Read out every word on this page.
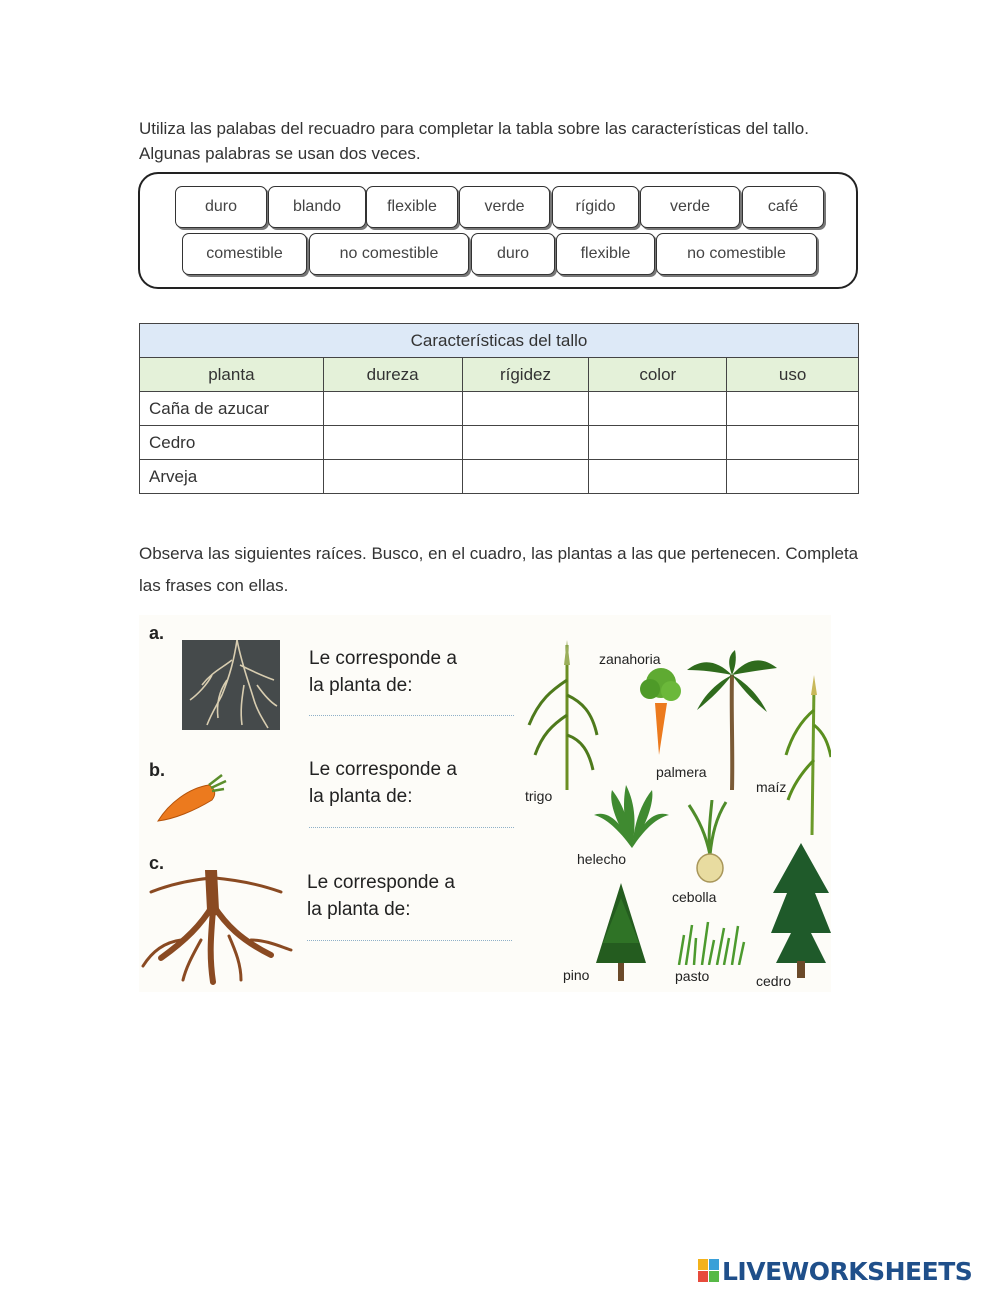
Utiliza las palabas del recuadro para completar la tabla sobre las características del tallo. Algunas palabras se usan dos veces.
duro	blando	flexible	verde	rígido	verde	café
comestible	no comestible	duro	flexible	no comestible
Características del tallo				
planta	dureza	rígidez	color	uso
Caña de azucar				
Cedro				
Arveja				
Observa las siguientes raíces. Busco, en el cuadro, las plantas a las que pertenecen. Completa las frases con ellas.
a.
Le corresponde a
la planta de:
b.	Le corresponde a
la planta de:
c.
Le corresponde a
la planta de:
zanahoria
palmera
maíz
trigo
helecho
cebolla
pino	pasto	cedro
LIVEWORKSHEETS
